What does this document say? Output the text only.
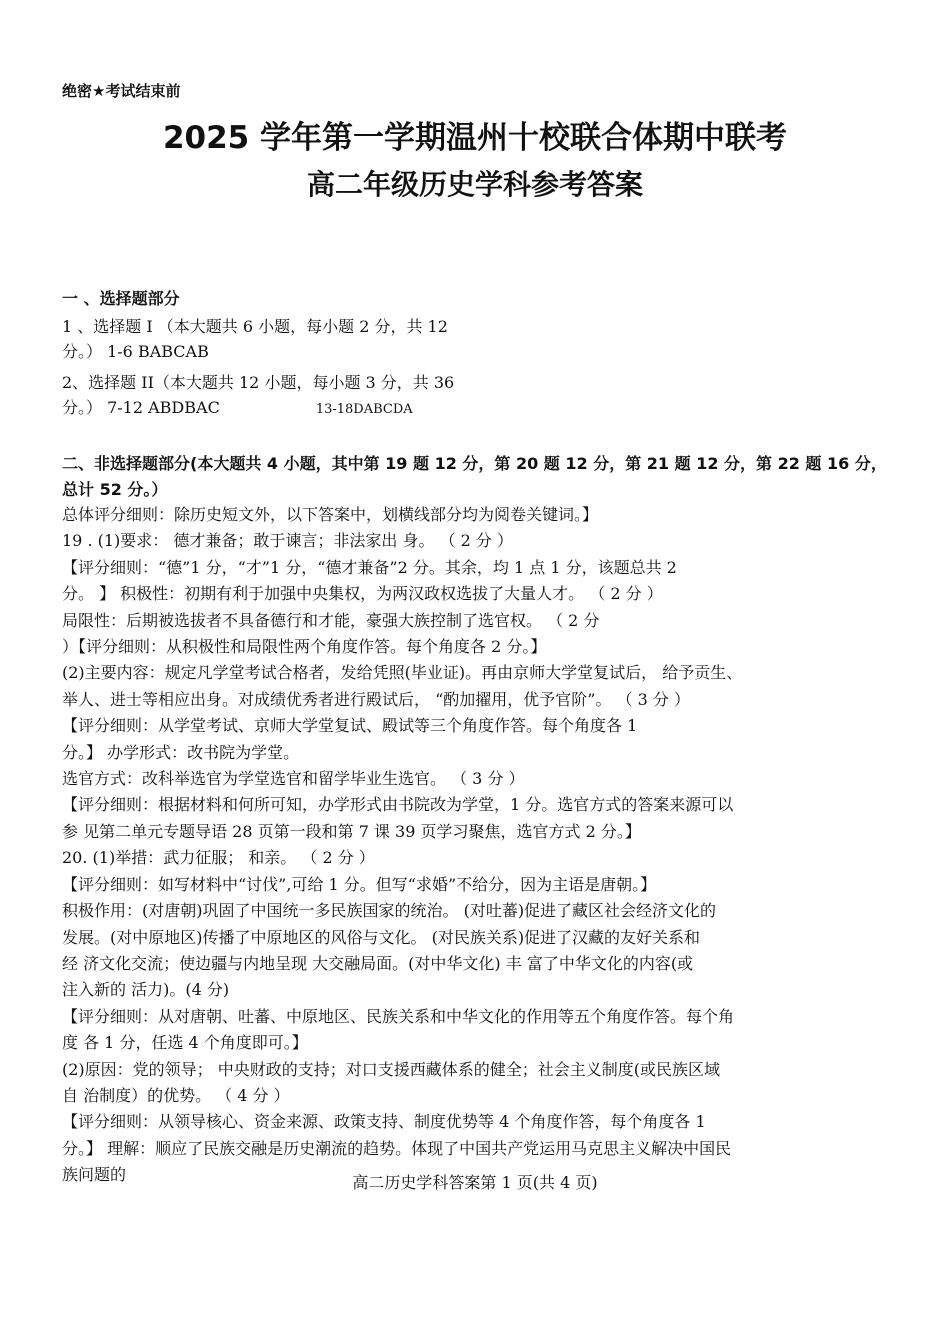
绝密★考试结束前
2025 学年第一学期温州十校联合体期中联考
高二年级历史学科参考答案
一 、选择题部分
1 、选择题 I （本大题共 6 小题，每小题 2 分，共 12
分。） 1-6 BABCAB
2、选择题 II（本大题共 12 小题，每小题 3 分，共 36
分。） 7-12 ABDBAC	13-18DABCDA
二、非选择题部分(本大题共 4 小题，其中第 19 题 12 分，第 20 题 12 分，第 21 题 12 分，第 22 题 16 分，总计 52 分。）

总体评分细则：除历史短文外，以下答案中，划横线部分均为阅卷关键词。】

19 . (1)要求： 德才兼备；敢于谏言；非法家出 身。 （ 2 分 ）

【评分细则：“德”1 分，“才”1 分，“德才兼备”2 分。其余，均 1 点 1 分，该题总共 2

分。 】 积极性：初期有利于加强中央集权，为两汉政权选拔了大量人才。 （ 2 分 ）

局限性：后期被选拔者不具备德行和才能，豪强大族控制了选官权。 （ 2 分

）【评分细则：从积极性和局限性两个角度作答。每个角度各 2 分。】

(2)主要内容：规定凡学堂考试合格者，发给凭照(毕业证)。再由京师大学堂复试后， 给予贡生、

举人、进士等相应出身。对成绩优秀者进行殿试后， “酌加擢用，优予官阶”。 （ 3 分 ）

【评分细则：从学堂考试、京师大学堂复试、殿试等三个角度作答。每个角度各 1

分。】 办学形式：改书院为学堂。

选官方式：改科举选官为学堂选官和留学毕业生选官。 （ 3 分 ）

【评分细则：根据材料和何所可知，办学形式由书院改为学堂，1 分。选官方式的答案来源可以

参 见第二单元专题导语 28 页第一段和第 7 课 39 页学习聚焦，选官方式 2 分。】

20. (1)举措：武力征服； 和亲。 （ 2 分 ）

【评分细则：如写材料中“讨伐”,可给 1 分。但写“求婚”不给分，因为主语是唐朝。】

积极作用：(对唐朝)巩固了中国统一多民族国家的统治。 (对吐蕃)促进了藏区社会经济文化的

发展。(对中原地区)传播了中原地区的风俗与文化。 (对民族关系)促进了汉藏的友好关系和

经 济文化交流；使边疆与内地呈现 大交融局面。(对中华文化) 丰 富了中华文化的内容(或

注入新的 活力)。(4 分)

【评分细则：从对唐朝、吐蕃、中原地区、民族关系和中华文化的作用等五个角度作答。每个角

度 各 1 分，任选 4 个角度即可。】

(2)原因：党的领导； 中央财政的支持；对口支援西藏体系的健全；社会主义制度(或民族区域

自 治制度）的优势。 （ 4 分 ）

【评分细则：从领导核心、资金来源、政策支持、制度优势等 4 个角度作答，每个角度各 1

分。】 理解：顺应了民族交融是历史潮流的趋势。体现了中国共产党运用马克思主义解决中国民

族问题的	高二历史学科答案第 1 页(共 4 页)
